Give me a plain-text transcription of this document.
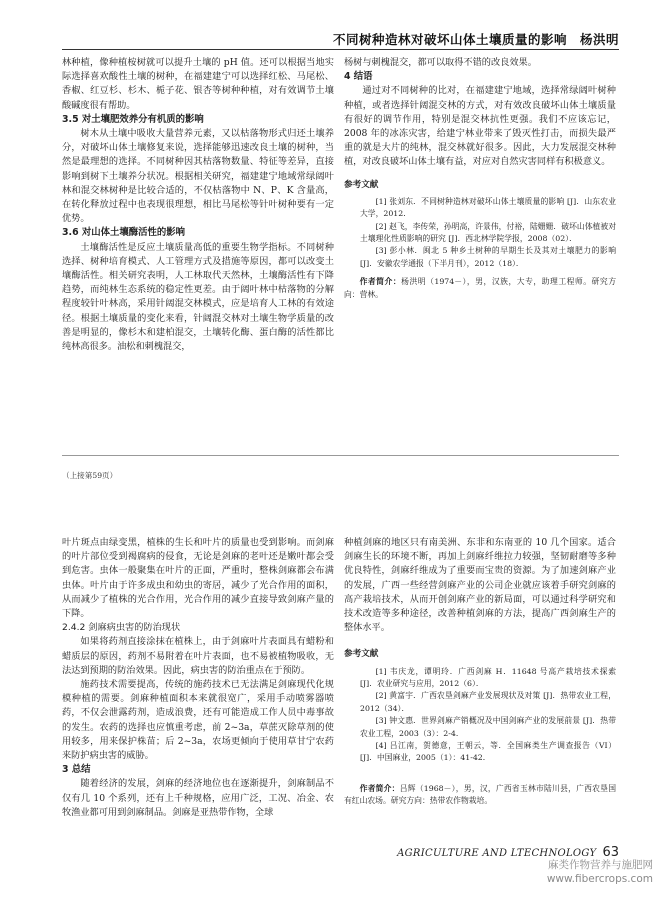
不同树种造林对破坏山体土壤质量的影响　杨洪明

林种植，像种植桉树就可以提升土壤的 pH 值。还可以根据当地实际选择喜欢酸性土壤的树种，在福建建宁可以选择红松、马尾松、香椒、红豆杉、杉木、栀子花、银杏等树种种植，对有效调节土壤酸碱度很有帮助。

3.5 对土壤肥效养分有机质的影响

树木从土壤中吸收大量营养元素，又以枯落物形式归还土壤养分，对破坏山体土壤修复来说，选择能够迅速改良土壤的树种，当然是最理想的选择。不同树种因其枯落物数量、特征等差异，直接影响到树下土壤养分状况。根据相关研究，福建建宁地域常绿阔叶林和混交林树种是比较合适的，不仅枯落物中 N、P、K 含量高，在转化释放过程中也表现很理想，相比马尾松等针叶树种要有一定优势。

3.6 对山体土壤酶活性的影响

土壤酶活性是反应土壤质量高低的重要生物学指标。不同树种选择、树种培育模式、人工管理方式及措施等原因，都可以改变土壤酶活性。相关研究表明，人工林取代天然林，土壤酶活性有下降趋势，而纯林生态系统的稳定性更差。由于阔叶林中枯落物的分解程度较针叶林高，采用针阔混交林模式，应是培育人工林的有效途径。根据土壤质量的变化来看，针阔混交林对土壤生物学质量的改善是明显的，像杉木和建柏混交，土壤转化酶、蛋白酶的活性都比纯林高很多。油松和刺槐混交，

杨树与刺槐混交，都可以取得不错的改良效果。

4 结语

通过对不同树种的比对，在福建建宁地域，选择常绿阔叶树种种植，或者选择针阔混交林的方式，对有效改良破坏山体土壤质量有很好的调节作用，特别是混交林抗性更强。我们不应该忘记，2008 年的冰冻灾害，给建宁林业带来了毁灭性打击，而损失最严重的就是大片的纯林，混交林就好很多。因此，大力发展混交林种植，对改良破坏山体土壤有益，对应对自然灾害同样有积极意义。

参考文献

[1] 张刘东．不同树种造林对破坏山体土壤质量的影响 [J]．山东农业大学，2012．

[2] 赵飞，李传荣，孙明高，许景伟，付裕，陆姗姗．破坏山体植被对土壤理化性质影响的研究 [J]．西北林学院学报，2008（02）．

[3] 彭小林．闽北 5 种乡土树种的早期生长及其对土壤肥力的影响 [J]．安徽农学通报（下半月刊），2012（18）．

作者简介：杨洪明（1974－），男，汉族，大专，助理工程师。研究方向：营林。
（上接第59页）

叶片斑点由绿变黑，植株的生长和叶片的质量也受到影响。而剑麻的叶片部位受到褐腐病的侵食，无论是剑麻的老叶还是嫩叶都会受到危害。虫体一般聚集在叶片的正面，严重时，整株剑麻都会布满虫体。叶片由于许多成虫和幼虫的寄居，减少了光合作用的面积，从而减少了植株的光合作用，光合作用的减少直接导致剑麻产量的下降。

2.4.2 剑麻病虫害的防治现状

如果将药剂直接涂抹在植株上，由于剑麻叶片表面具有蜡粉和蜡质层的原因，药剂不易附着在叶片表面，也不易被植物吸收，无法达到预期的防治效果。因此，病虫害的防治重点在于预防。

施药技术需要提高，传统的施药技术已无法满足剑麻现代化规模种植的需要。剑麻种植面积本来就很宽广，采用手动喷雾器喷药，不仅会泄露药剂，造成浪费，还有可能造成工作人员中毒事故的发生。农药的选择也应慎重考虑，前 2~3a，草蔗灭除草剂的使用较多，用来保护株苗；后 2~3a，农场更倾向于使用草甘宁农药来防护病虫害的威胁。

3 总结

随着经济的发展，剑麻的经济地位也在逐渐提升，剑麻制品不仅有几 10 个系列，还有上千种规格，应用广泛，工况、冶金、农牧渔业都可用到剑麻制品。剑麻是亚热带作物，全球

种植剑麻的地区只有南美洲、东非和东南亚的 10 几个国家。适合剑麻生长的环境不断，再加上剑麻纤维拉力较强，坚韧耐磨等多种优良特性，剑麻纤维成为了重要而宝贵的资源。为了加速剑麻产业的发展，广西一些经营剑麻产业的公司企业就应该着手研究剑麻的高产栽培技术，从而开创剑麻产业的新局面，可以通过科学研究和技术改造等多种途径，改善种植剑麻的方法，提高广西剑麻生产的整体水平。

参考文献

[1] 韦庆龙，谭明玲．广西剑麻 H．11648 号高产栽培技术探索 [J]．农业研究与应用，2012（6）．

[2] 黄富宇．广西农垦剑麻产业发展现状及对策 [J]．热带农业工程，2012（34）．

[3] 钟文惠．世界剑麻产销概况及中国剑麻产业的发展前景 [J]．热带农业工程，2003（3）：2-4．

[4] 吕江南，贺德意，王朝云，等．全国麻类生产调查报告（VI）[J]．中国麻业，2005（1）：41-42．

作者简介：吕辉（1968－），男，汉，广西省玉林市陆川县，广西农垦国有红山农场。研究方向：热带农作物栽培。
AGRICULTURE AND LTECHNOLOGY 63
麻类作物营养与施肥网
www.fibercrops.com
